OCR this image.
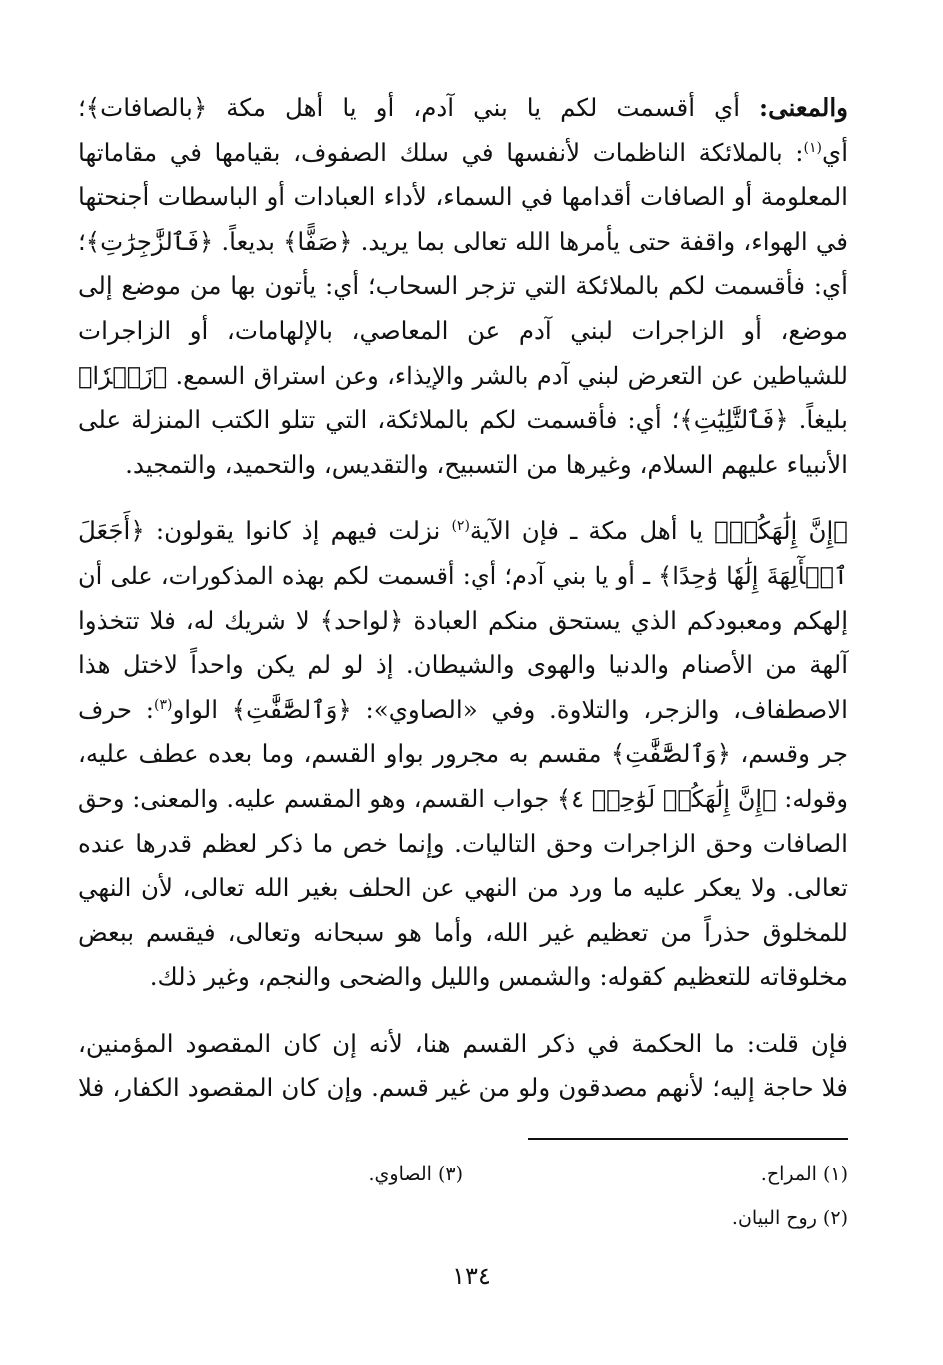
والمعنى: أي أقسمت لكم يا بني آدم، أو يا أهل مكة ﴿بالصافات﴾؛
أي$^{(١)}$: بالملائكة الناظمات لأنفسها في سلك الصفوف، بقيامها في مقاماتها
المعلومة أو الصافات أقدامها في السماء، لأداء العبادات أو الباسطات أجنحتها
في الهواء، واقفة حتى يأمرها الله تعالى بما يريد. ﴿صَفًّا﴾ بديعاً. ﴿فَٱلزَّٰجِرَٰتِ﴾؛
أي: فأقسمت لكم بالملائكة التي تزجر السحاب؛ أي: يأتون بها من موضع إلى
موضع، أو الزاجرات لبني آدم عن المعاصي، بالإلهامات، أو الزاجرات
للشياطين عن التعرض لبني آدم بالشر والإيذاء، وعن استراق السمع. ﴿زَجۡرٗا﴾
بليغاً. ﴿فَٱلتَّٰلِيَٰتِ﴾؛ أي: فأقسمت لكم بالملائكة، التي تتلو الكتب المنزلة على
الأنبياء عليهم السلام، وغيرها من التسبيح، والتقديس، والتحميد، والتمجيد.
﴿إِنَّ إِلَٰهَكُمۡ﴾ يا أهل مكة ـ فإن الآية$^{(٢)}$ نزلت فيهم إذ كانوا يقولون: ﴿أَجَعَلَ
ٱلۡأٓلِهَةَ إِلَٰهٗا وَٰحِدًا﴾ ـ أو يا بني آدم؛ أي: أقسمت لكم بهذه المذكورات، على أن
إلهكم ومعبودكم الذي يستحق منكم العبادة ﴿لواحد﴾ لا شريك له، فلا تتخذوا
آلهة من الأصنام والدنيا والهوى والشيطان. إذ لو لم يكن واحداً لاختل هذا
الاصطفاف، والزجر، والتلاوة. وفي «الصاوي»: ﴿وَٱلصَّٰٓفَّٰتِ﴾ الواو$^{(٣)}$: حرف
جر وقسم، ﴿وَٱلصَّٰٓفَّٰتِ﴾ مقسم به مجرور بواو القسم، وما بعده عطف عليه،
وقوله: ﴿إِنَّ إِلَٰهَكُمۡ لَوَٰحِدٞ ٤﴾ جواب القسم، وهو المقسم عليه. والمعنى: وحق
الصافات وحق الزاجرات وحق التاليات. وإنما خص ما ذكر لعظم قدرها عنده
تعالى. ولا يعكر عليه ما ورد من النهي عن الحلف بغير الله تعالى، لأن النهي
للمخلوق حذراً من تعظيم غير الله، وأما هو سبحانه وتعالى، فيقسم ببعض
مخلوقاته للتعظيم كقوله: والشمس والليل والضحى والنجم، وغير ذلك.
فإن قلت: ما الحكمة في ذكر القسم هنا، لأنه إن كان المقصود المؤمنين،
فلا حاجة إليه؛ لأنهم مصدقون ولو من غير قسم. وإن كان المقصود الكفار، فلا
(١) المراح.
(٣) الصاوي.
(٢) روح البيان.
١٣٤
